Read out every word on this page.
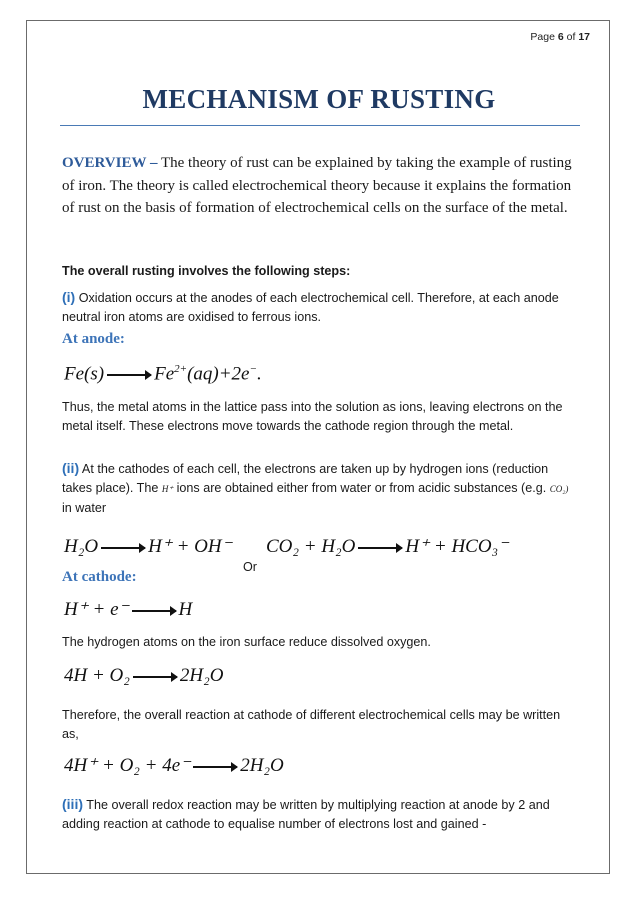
Page 6 of 17
MECHANISM OF RUSTING
OVERVIEW – The theory of rust can be explained by taking the example of rusting of iron. The theory is called electrochemical theory because it explains the formation of rust on the basis of formation of electrochemical cells on the surface of the metal.
The overall rusting involves the following steps:
(i) Oxidation occurs at the anodes of each electrochemical cell. Therefore, at each anode neutral iron atoms are oxidised to ferrous ions.
At anode:
Fe(s)	$Fe^{2+}(aq)+2e^-$.
Thus, the metal atoms in the lattice pass into the solution as ions, leaving electrons on the metal itself. These electrons move towards the cathode region through the metal.
(ii) At the cathodes of each cell, the electrons are taken up by hydrogen ions (reduction takes place). The H⁺ ions are obtained either from water or from acidic substances (e.g. CO₂) in water
H₂O	H⁺ + OH⁻
Or
CO₂ + H₂O	H⁺ + HCO₃⁻
At cathode:
H⁺ + e⁻	H
The hydrogen atoms on the iron surface reduce dissolved oxygen.
4H + O₂	2H₂O
Therefore, the overall reaction at cathode of different electrochemical cells may be written as,
4H⁺ + O₂ + 4e⁻	2H₂O
(iii) The overall redox reaction may be written by multiplying reaction at anode by 2 and adding reaction at cathode to equalise number of electrons lost and gained -
